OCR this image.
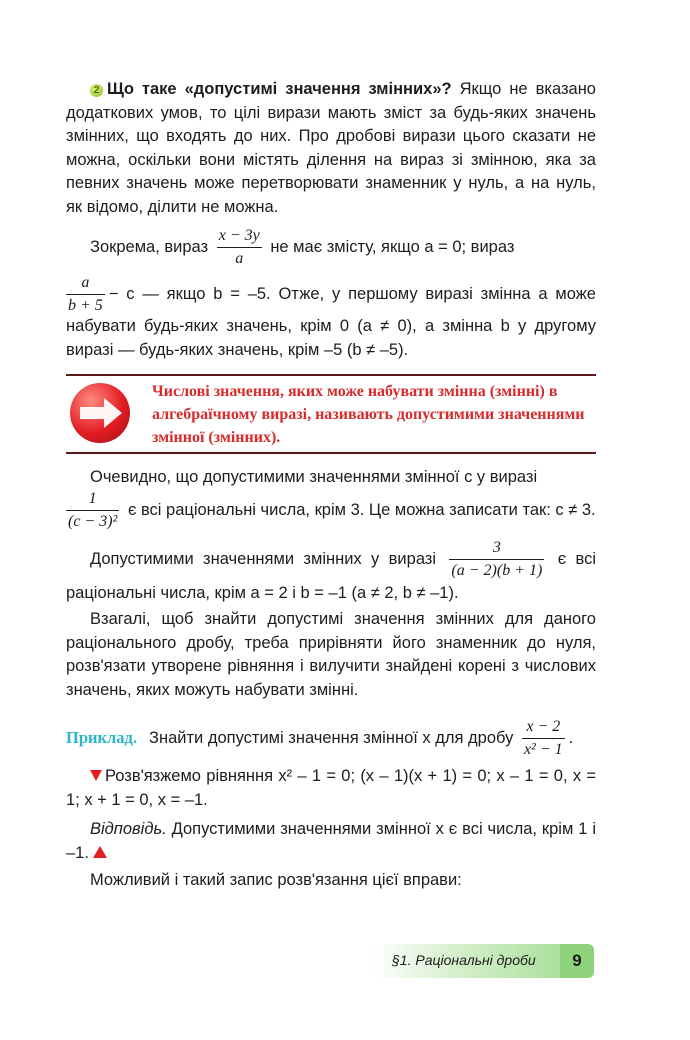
2 Що таке «допустимі значення змінних»? Якщо не вказано додаткових умов, то цілі вирази мають зміст за будь-яких значень змінних, що входять до них. Про дробові вирази цього сказати не можна, оскільки вони містять ділення на вираз зі змінною, яка за певних значень може перетворювати знаменник у нуль, а на нуль, як відомо, ділити не можна.

Зокрема, вираз $\frac{x - 3y}{a}$ не має змісту, якщо a = 0; вираз

$\frac{a}{b + 5} - c$ — якщо b = –5. Отже, у першому виразі змінна a може набувати будь-яких значень, крім 0 (a ≠ 0), а змінна b у другому виразі — будь-яких значень, крім –5 (b ≠ –5).

Числові значення, яких може набувати змінна (змінні) в алгебраїчному виразі, називають допустимими значеннями змінної (змінних).

Очевидно, що допустимими значеннями змінної c у виразі

$\frac{1}{\text{(c − 3)²}}$ є всі раціональні числа, крім 3. Це можна записати так: c ≠ 3.

Допустимими значеннями змінних у виразі $\frac{3}{(a - 2)(b + 1)}$ є всі раціональні числа, крім a = 2 і b = –1 (a ≠ 2, b ≠ –1).

Взагалі, щоб знайти допустимі значення змінних для даного раціонального дробу, треба прирівняти його знаменник до нуля, розв'язати утворене рівняння і вилучити знайдені корені з числових значень, яких можуть набувати змінні.

Приклад. Знайти допустимі значення змінної x для дробу $\frac{x - 2}{\text{x² − 1}}$ .

Розв'язжемо рівняння x² – 1 = 0; (x – 1)(x + 1) = 0; x – 1 = 0, x = 1; x + 1 = 0, x = –1.

Відповідь. Допустимими значеннями змінної x є всі числа, крім 1 і –1.

Можливий і такий запис розв'язання цієї вправи:

§1. Раціональні дроби	9
